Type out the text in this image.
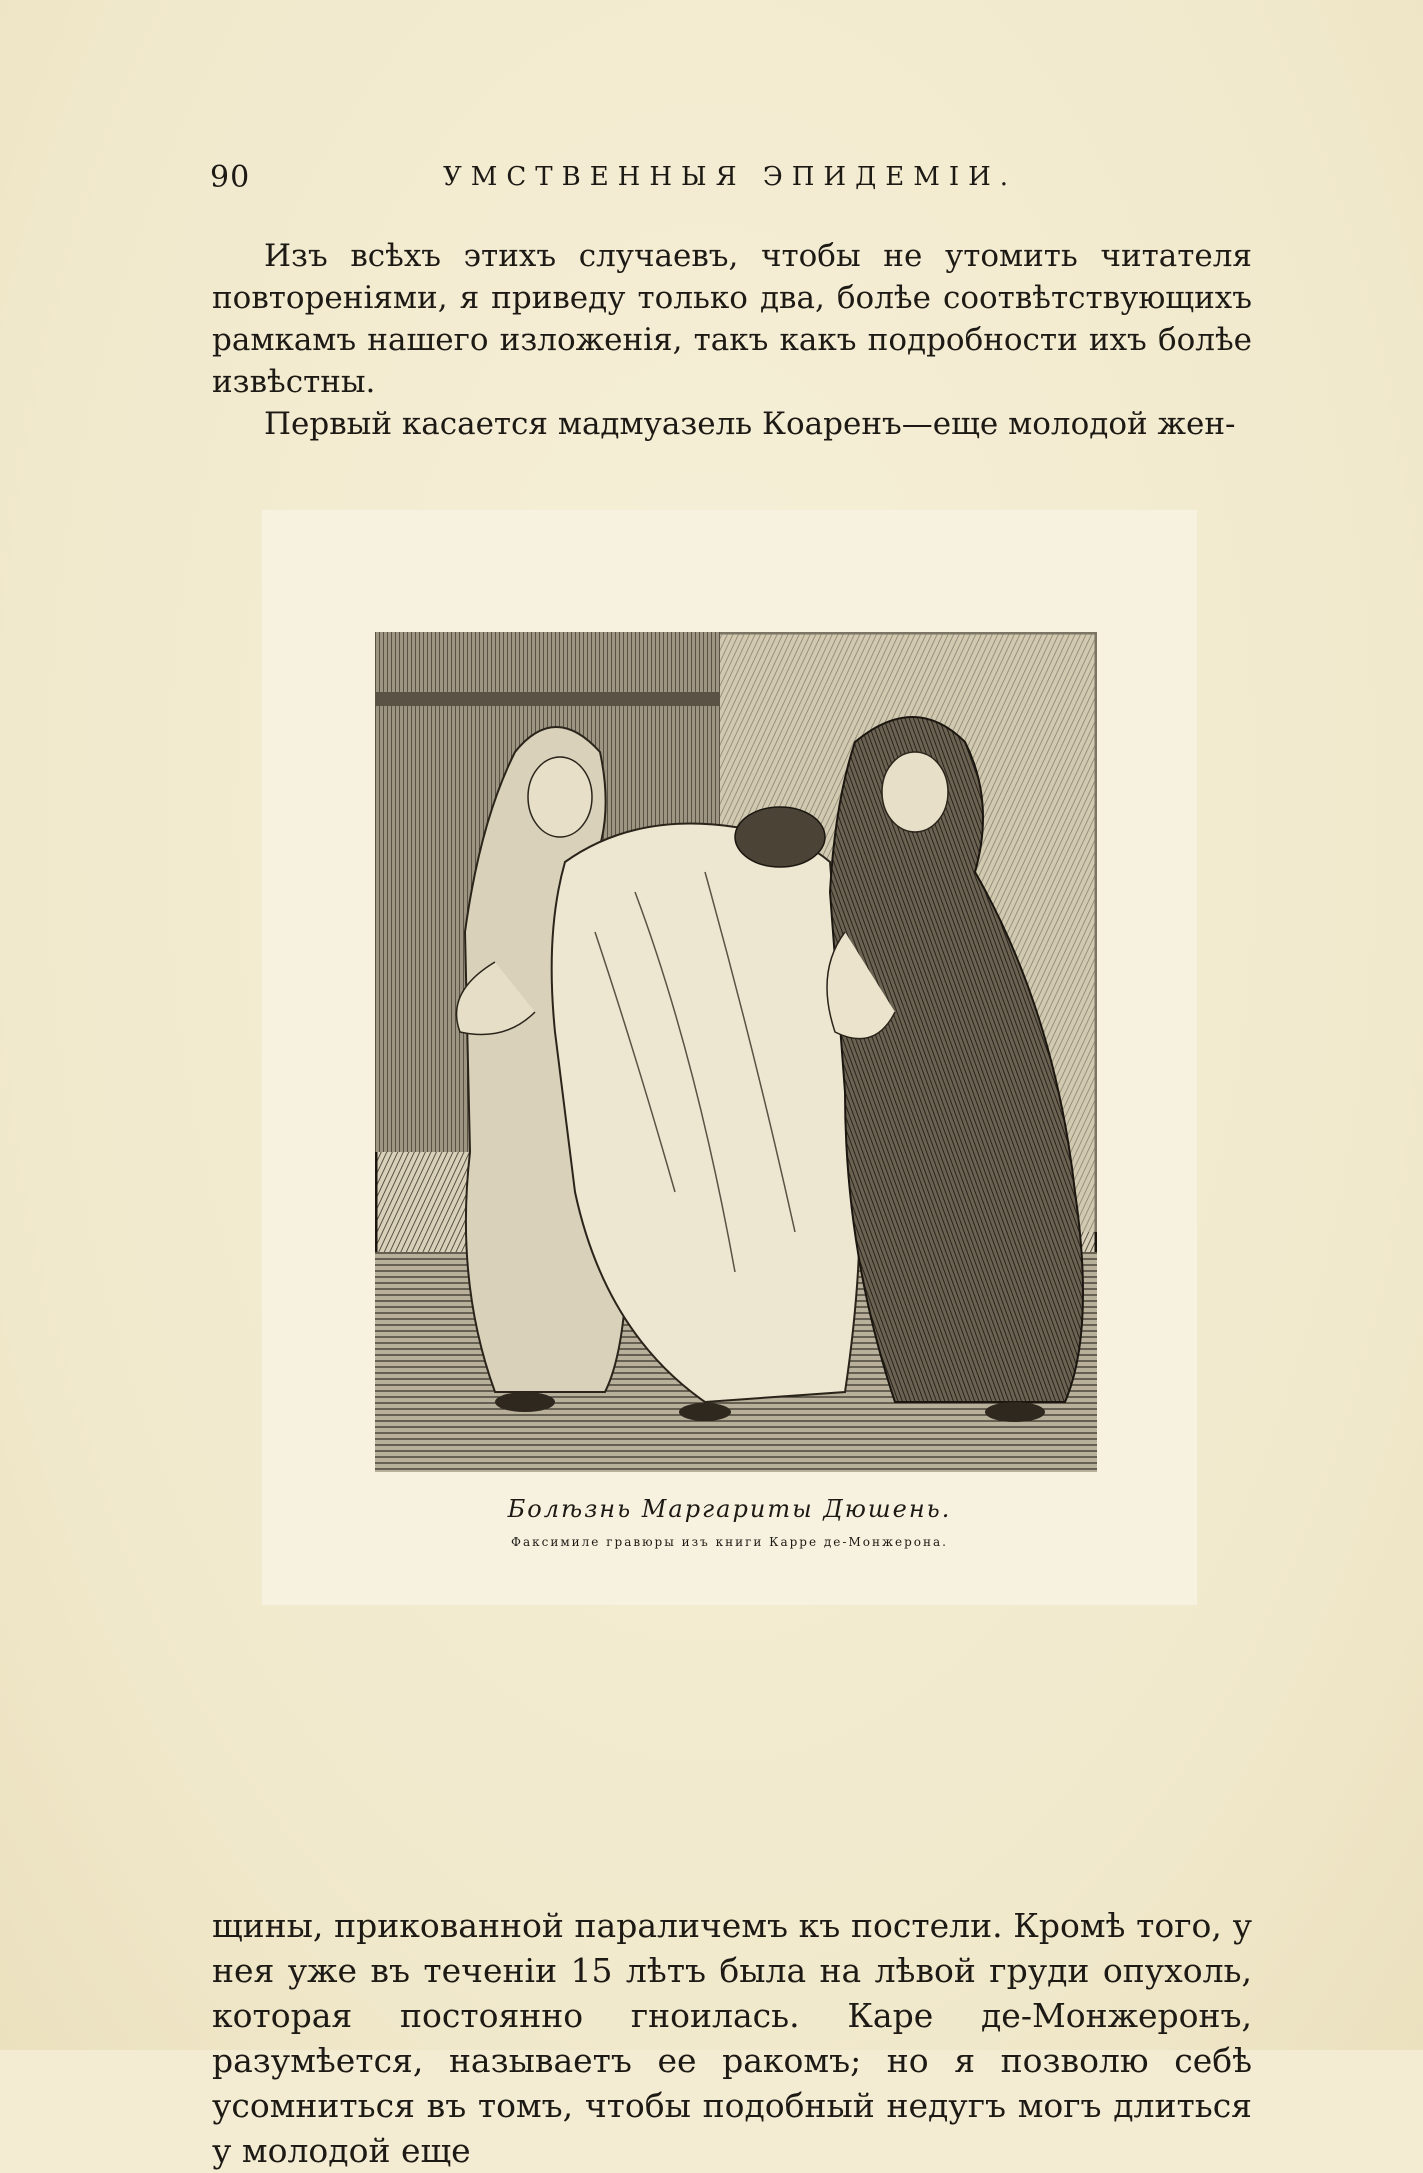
90	УМСТВЕННЫЯ ЭПИДЕМІИ.

Изъ всѣхъ этихъ случаевъ, чтобы не утомить читателя повтореніями, я приведу только два, болѣе соотвѣтствующихъ рамкамъ нашего изложенія, такъ какъ подробности ихъ болѣе извѣстны.

Первый касается мадмуазель Коаренъ—еще молодой жен-

Болѣзнь Маргариты Дюшень.
Факсимиле гравюры изъ книги Карре де-Монжерона.

щины, прикованной параличемъ къ постели. Кромѣ того, у нея уже въ теченіи 15 лѣтъ была на лѣвой груди опухоль, которая постоянно гноилась. Каре де-Монжеронъ, разумѣется, называетъ ее ракомъ; но я позволю себѣ усомниться въ томъ, чтобы подобный недугъ могъ длиться у молодой еще
